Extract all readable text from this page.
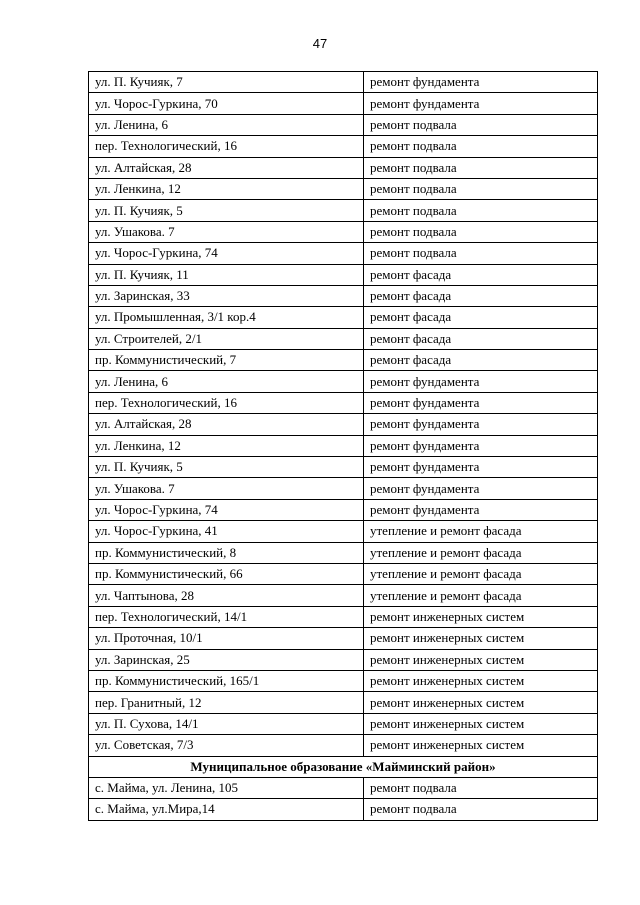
47
ул. П. Кучияк, 7	ремонт фундамента
ул. Чорос-Гуркина, 70	ремонт фундамента
ул. Ленина, 6	ремонт подвала
пер. Технологический, 16	ремонт подвала
ул. Алтайская, 28	ремонт подвала
ул. Ленкина, 12	ремонт подвала
ул. П. Кучияк, 5	ремонт подвала
ул. Ушакова. 7	ремонт подвала
ул. Чорос-Гуркина, 74	ремонт подвала
ул. П. Кучияк, 11	ремонт фасада
ул. Заринская, 33	ремонт фасада
ул. Промышленная, 3/1 кор.4	ремонт фасада
ул. Строителей, 2/1	ремонт фасада
пр. Коммунистический, 7	ремонт фасада
ул. Ленина, 6	ремонт фундамента
пер. Технологический, 16	ремонт фундамента
ул. Алтайская, 28	ремонт фундамента
ул. Ленкина, 12	ремонт фундамента
ул. П. Кучияк, 5	ремонт фундамента
ул. Ушакова. 7	ремонт фундамента
ул. Чорос-Гуркина, 74	ремонт фундамента
ул. Чорос-Гуркина, 41	утепление и ремонт фасада
пр. Коммунистический, 8	утепление и ремонт фасада
пр. Коммунистический, 66	утепление и ремонт фасада
ул. Чаптынова, 28	утепление и ремонт фасада
пер. Технологический, 14/1	ремонт инженерных систем
ул. Проточная, 10/1	ремонт инженерных систем
ул. Заринская, 25	ремонт инженерных систем
пр. Коммунистический, 165/1	ремонт инженерных систем
пер. Гранитный, 12	ремонт инженерных систем
ул. П. Сухова, 14/1	ремонт инженерных систем
ул. Советская, 7/3	ремонт инженерных систем
Муниципальное образование «Майминский район»	
с. Майма, ул. Ленина, 105	ремонт подвала
с. Майма, ул.Мира,14	ремонт подвала
